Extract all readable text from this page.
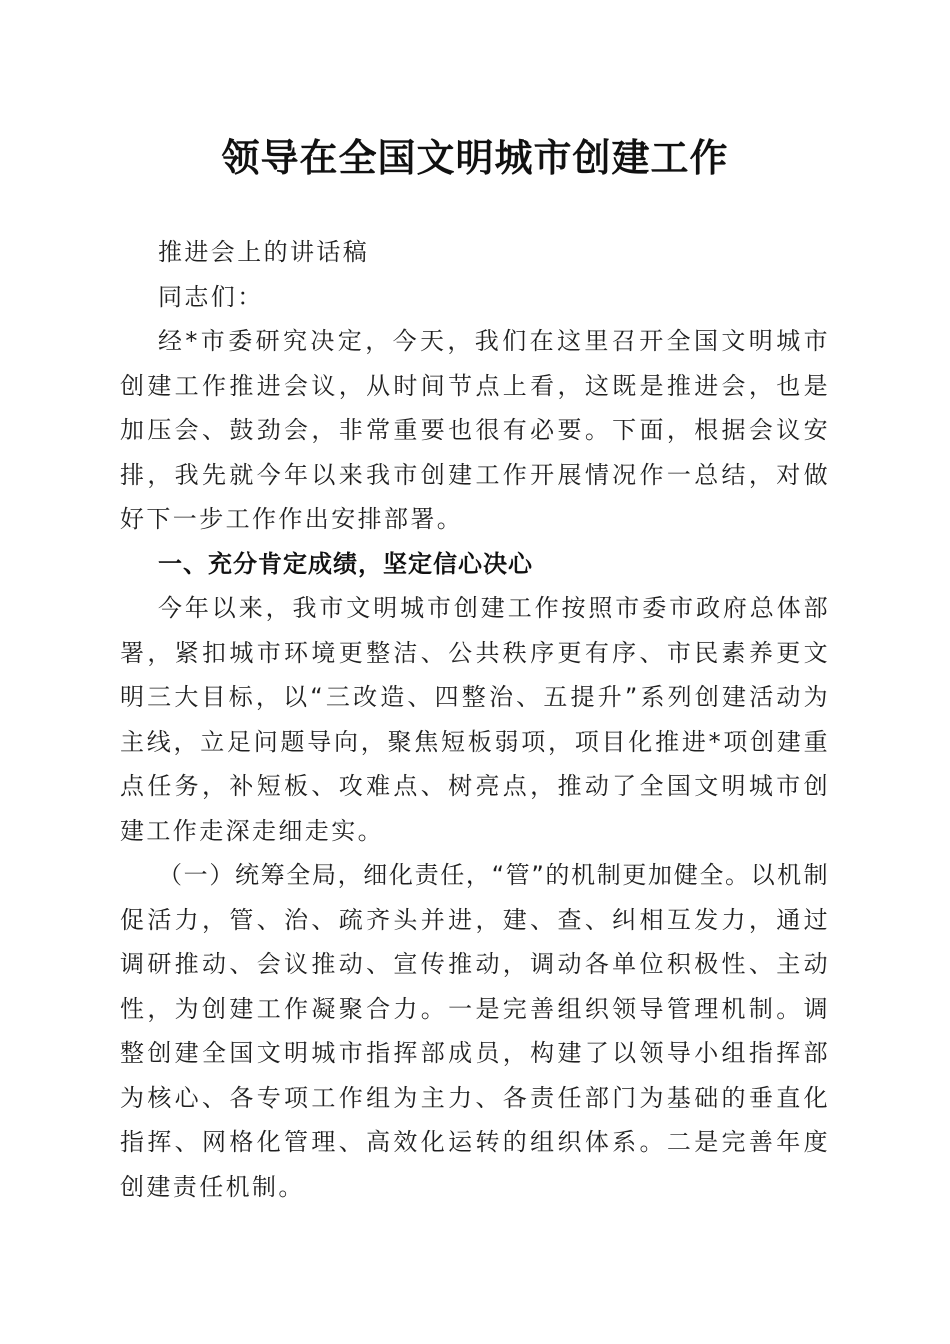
领导在全国文明城市创建工作

推进会上的讲话稿

同志们：

经*市委研究决定，今天，我们在这里召开全国文明城市创建工作推进会议，从时间节点上看，这既是推进会，也是加压会、鼓劲会，非常重要也很有必要。下面，根据会议安排，我先就今年以来我市创建工作开展情况作一总结，对做好下一步工作作出安排部署。

一、充分肯定成绩，坚定信心决心

今年以来，我市文明城市创建工作按照市委市政府总体部署，紧扣城市环境更整洁、公共秩序更有序、市民素养更文明三大目标，以“三改造、四整治、五提升”系列创建活动为主线，立足问题导向，聚焦短板弱项，项目化推进*项创建重点任务，补短板、攻难点、树亮点，推动了全国文明城市创建工作走深走细走实。

（一）统筹全局，细化责任，“管”的机制更加健全。以机制促活力，管、治、疏齐头并进，建、查、纠相互发力，通过调研推动、会议推动、宣传推动，调动各单位积极性、主动性，为创建工作凝聚合力。一是完善组织领导管理机制。调整创建全国文明城市指挥部成员，构建了以领导小组指挥部为核心、各专项工作组为主力、各责任部门为基础的垂直化指挥、网格化管理、高效化运转的组织体系。二是完善年度创建责任机制。
